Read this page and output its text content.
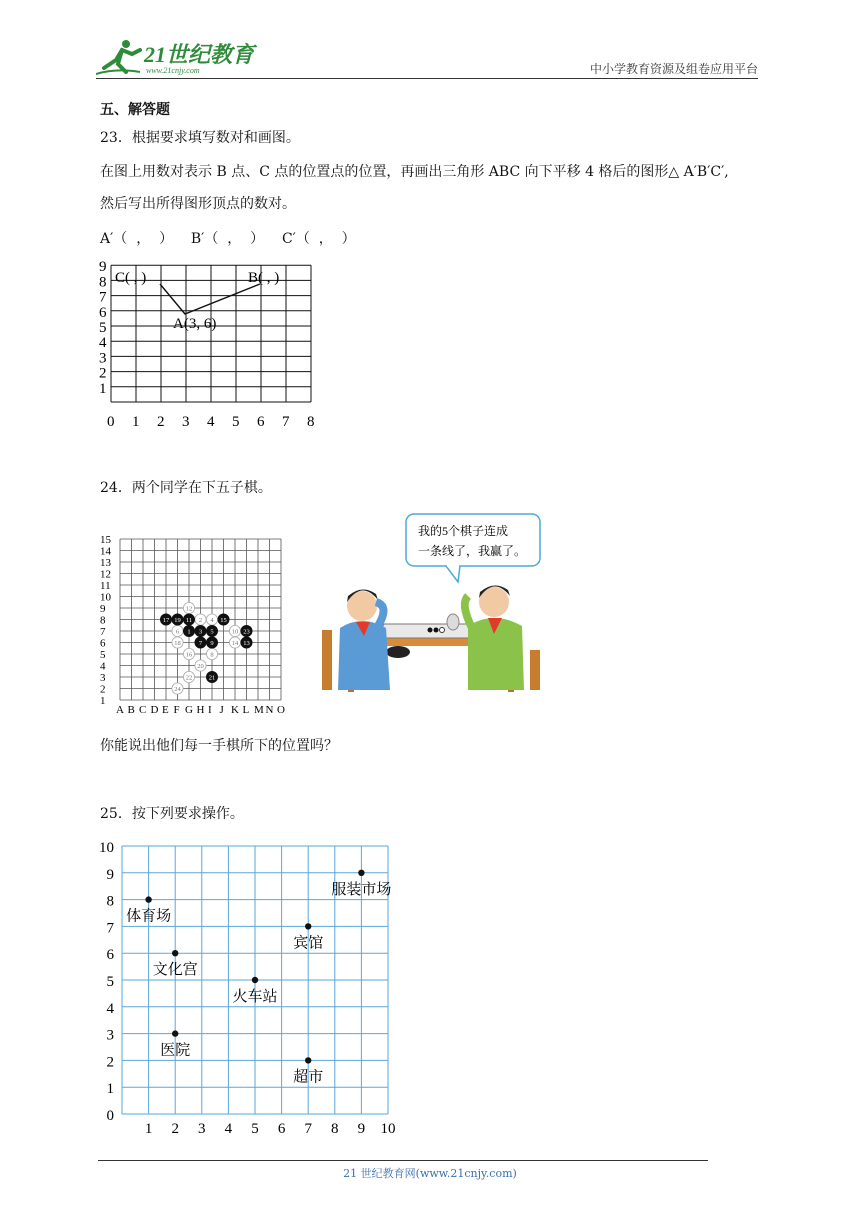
21世纪教育
www.21cnjy.com	中小学教育资源及组卷应用平台
五、解答题
23．根据要求填写数对和画图。
在图上用数对表示 B 点、C 点的位置点的位置，再画出三角形 ABC 向下平移 4 格后的图形△ A′B′C′,
然后写出所得图形顶点的数对。
A′（  ，  ）    B′（  ，  ）    C′（  ，  ）
0 1 2 3 4 5 6 7 8
1
2
3
4
5
6
7
8
9
C( , )	B( , )
A(3, 6)
24．两个同学在下五子棋。
A B C D E F G H I J K L M N O
1
2
3
4
5
6
7
8
9
10
11
12
13
14
15
12
2 4
6	10
18	14
16	8
20
22
24
17 19 11	15
1 3 5	23
7 9	13
21
我的5个棋子连成
一条线了，我赢了。
你能说出他们每一手棋所下的位置吗？
25．按下列要求操作。
1 2 3 4 5 6 7 8 9 10
0
1
2
3
4
5
6
7
8
9
10
服装市场
体育场
宾馆
文化宫
火车站
医院
超市
21 世纪教育网(www.21cnjy.com)
